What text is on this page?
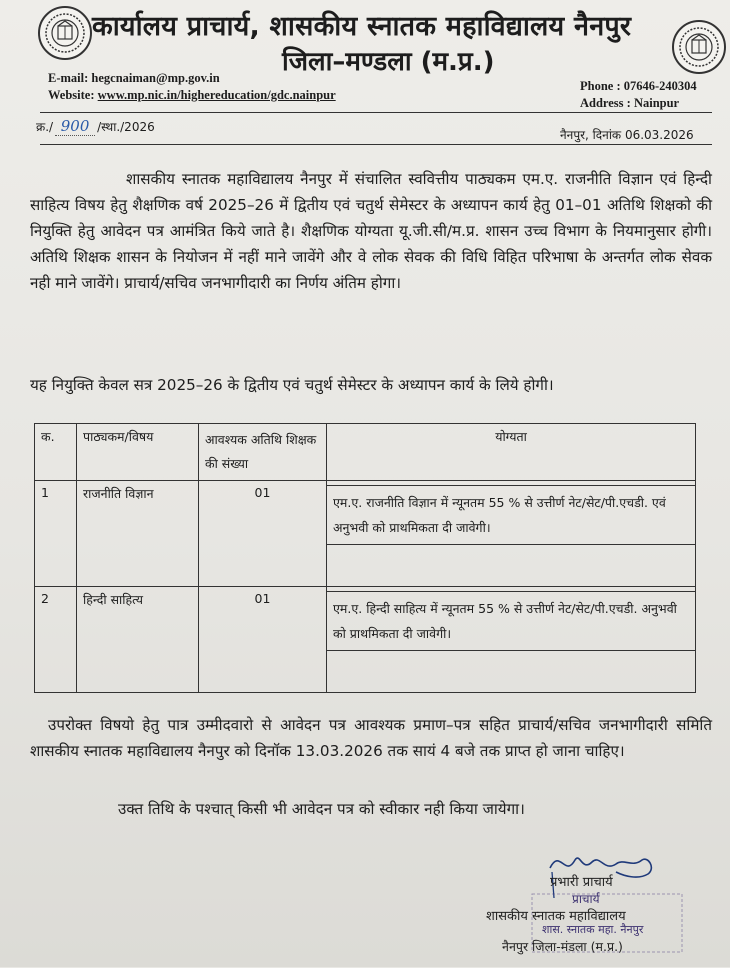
कार्यालय प्राचार्य, शासकीय स्नातक महाविद्यालय नैनपुर
जिला–मण्डला (म.प्र.)
E-mail: hegcnaiman@mp.gov.in
Website: www.mp.nic.in/highereducation/gdc.nainpur
Phone : 07646-240304
Address : Nainpur
क्र./ 900 /स्था./2026
नैनपुर, दिनांक 06.03.2026
शासकीय स्नातक महाविद्यालय नैनपुर में संचालित स्ववित्तीय पाठ्यकम एम.ए. राजनीति विज्ञान एवं हिन्दी साहित्य विषय हेतु शैक्षणिक वर्ष 2025–26 में द्वितीय एवं चतुर्थ सेमेस्टर के अध्यापन कार्य हेतु 01–01 अतिथि शिक्षको की नियुक्ति हेतु आवेदन पत्र आमंत्रित किये जाते है। शैक्षणिक योग्यता यू.जी.सी/म.प्र. शासन उच्च विभाग के नियमानुसार होगी। अतिथि शिक्षक शासन के नियोजन में नहीं माने जावेंगे और वे लोक सेवक की विधि विहित परिभाषा के अन्तर्गत लोक सेवक नही माने जावेंगे। प्राचार्य/सचिव जनभागीदारी का निर्णय अंतिम होगा।
यह नियुक्ति केवल सत्र 2025–26 के द्वितीय एवं चतुर्थ सेमेस्टर के अध्यापन कार्य के लिये होगी।
क.	पाठ्यकम/विषय	आवश्यक अतिथि शिक्षक की संख्या	योग्यता
1	राजनीति विज्ञान	01	एम.ए. राजनीति विज्ञान में न्यूनतम 55 % से उत्तीर्ण नेट/सेट/पी.एचडी. एवं अनुभवी को प्राथमिकता दी जावेगी।

2	हिन्दी साहित्य	01	एम.ए. हिन्दी साहित्य में न्यूनतम 55 % से उत्तीर्ण नेट/सेट/पी.एचडी. अनुभवी को प्राथमिकता दी जावेगी।
उपरोक्त विषयो हेतु पात्र उम्मीदवारो से आवेदन पत्र आवश्यक प्रमाण–पत्र सहित प्राचार्य/सचिव जनभागीदारी समिति शासकीय स्नातक महाविद्यालय नैनपुर को दिनॉक 13.03.2026 तक सायं 4 बजे तक प्राप्त हो जाना चाहिए।
उक्त तिथि के पश्चात् किसी भी आवेदन पत्र को स्वीकार नही किया जायेगा।
प्रभारी प्राचार्य
प्राचार्य
शासकीय स्नातक महाविद्यालय
शास. स्नातक महा. नैनपुर
नैनपुर जिला-मंडला (म.प्र.)
